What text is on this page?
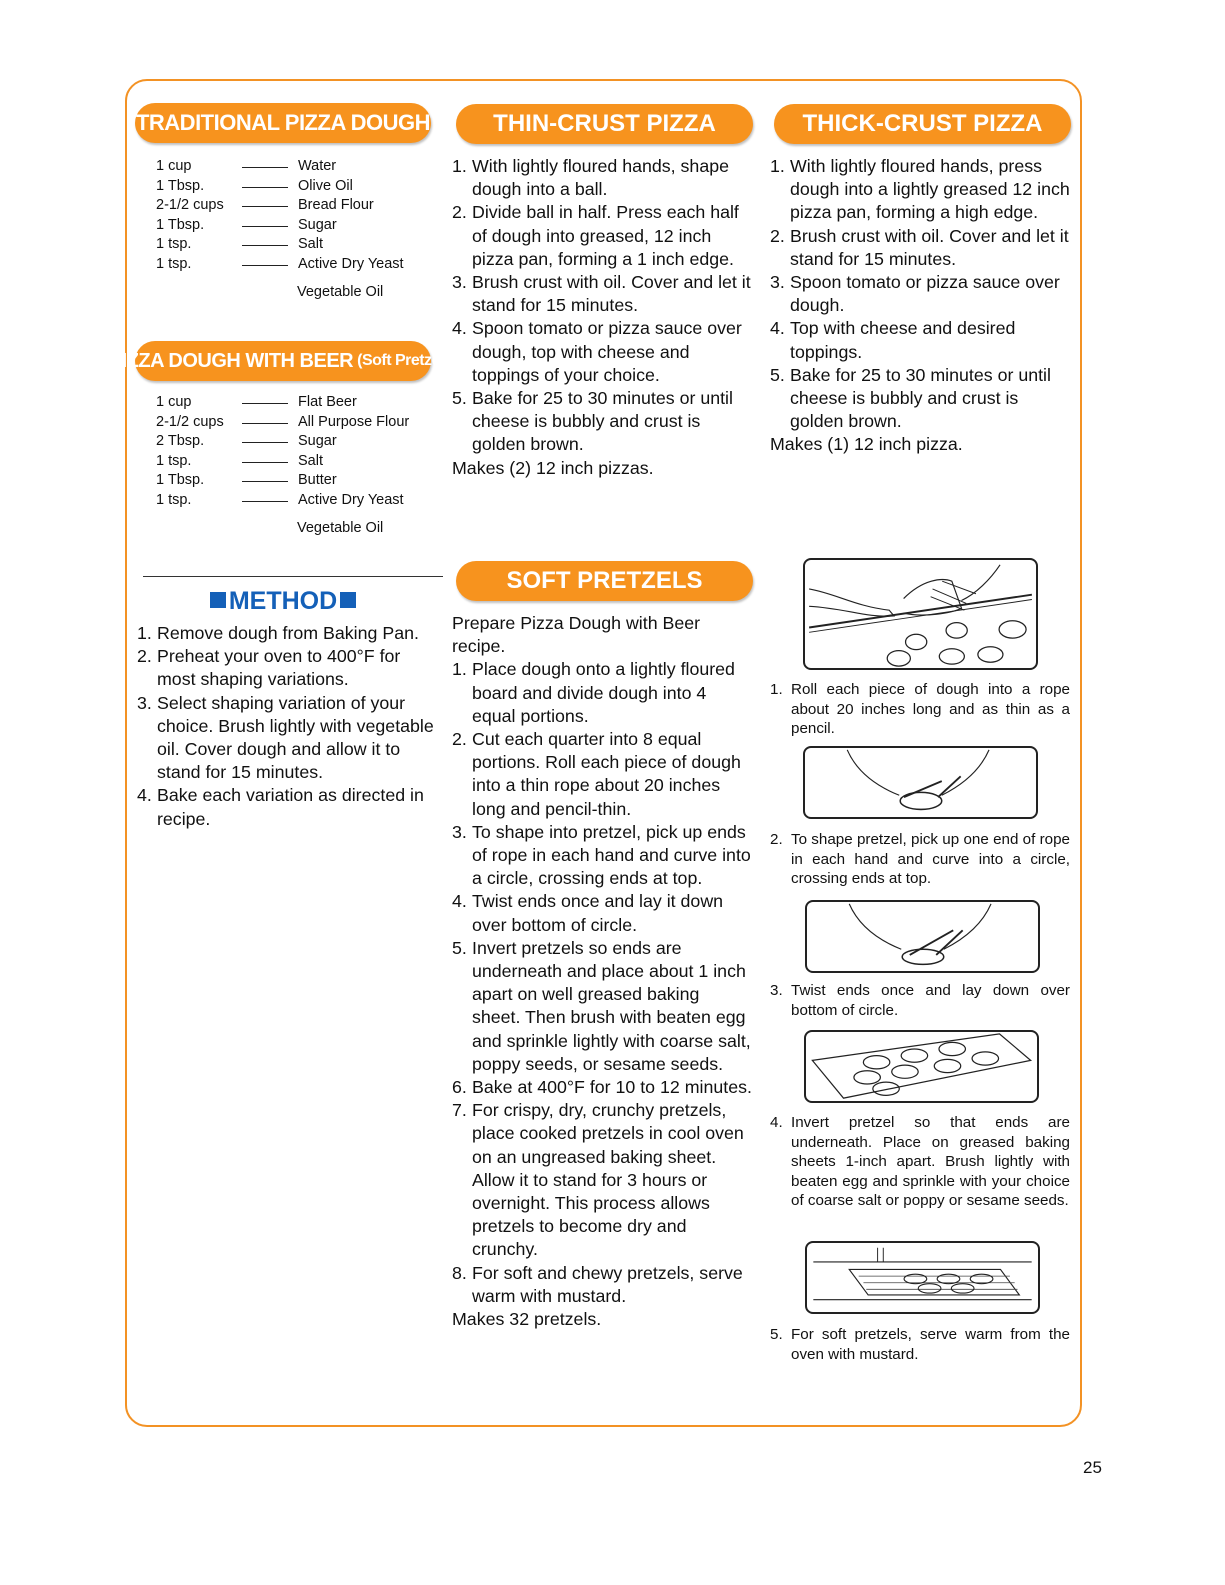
TRADITIONAL PIZZA DOUGH	THIN-CRUST PIZZA	THICK-CRUST PIZZA
PIZZA DOUGH WITH BEER (Soft Pretzels)
SOFT PRETZELS
1 cup	Water
1 Tbsp.	Olive Oil
2-1/2 cups	Bread Flour
1 Tbsp.	Sugar
1 tsp.	Salt
1 tsp.	Active Dry Yeast
Vegetable Oil
1 cup	Flat Beer
2-1/2 cups	All Purpose Flour
2 Tbsp.	Sugar
1 tsp.	Salt
1 Tbsp.	Butter
1 tsp.	Active Dry Yeast
Vegetable Oil
1. With lightly floured hands, shape dough into a ball.
2. Divide ball in half. Press each half of dough into greased, 12 inch pizza pan, forming a 1 inch edge.
3. Brush crust with oil. Cover and let it stand for 15 minutes.
4. Spoon tomato or pizza sauce over dough, top with cheese and toppings of your choice.
5. Bake for 25 to 30 minutes or until cheese is bubbly and crust is golden brown.
Makes (2) 12 inch pizzas.
1. With lightly floured hands, press dough into a lightly greased 12 inch pizza pan, forming a high edge.
2. Brush crust with oil. Cover and let it stand for 15 minutes.
3. Spoon tomato or pizza sauce over dough.
4. Top with cheese and desired toppings.
5. Bake for 25 to 30 minutes or until cheese is bubbly and crust is golden brown.
Makes (1) 12 inch pizza.
METHOD
1. Remove dough from Baking Pan.
2. Preheat your oven to 400°F for most shaping variations.
3. Select shaping variation of your choice. Brush lightly with vegetable oil. Cover dough and allow it to stand for 15 minutes.
4. Bake each variation as directed in recipe.
Prepare Pizza Dough with Beer recipe.
1. Place dough onto a lightly floured board and divide dough into 4 equal portions.
2. Cut each quarter into 8 equal portions. Roll each piece of dough into a thin rope about 20 inches long and pencil-thin.
3. To shape into pretzel, pick up ends of rope in each hand and curve into a circle, crossing ends at top.
4. Twist ends once and lay it down over bottom of circle.
5. Invert pretzels so ends are underneath and place about 1 inch apart on well greased baking sheet. Then brush with beaten egg and sprinkle lightly with coarse salt, poppy seeds, or sesame seeds.
6. Bake at 400°F for 10 to 12 minutes.
7. For crispy, dry, crunchy pretzels, place cooked pretzels in cool oven on an ungreased baking sheet. Allow it to stand for 3 hours or overnight. This process allows pretzels to become dry and crunchy.
8. For soft and chewy pretzels, serve warm with mustard.
Makes 32 pretzels.
1. Roll each piece of dough into a rope about 20 inches long and as thin as a pencil.
2. To shape pretzel, pick up one end of rope in each hand and curve into a circle, crossing ends at top.
3. Twist ends once and lay down over bottom of circle.
4. Invert pretzel so that ends are underneath. Place on greased baking sheets 1-inch apart. Brush lightly with beaten egg and sprinkle with your choice of coarse salt or poppy or sesame seeds.
5. For soft pretzels, serve warm from the oven with mustard.
25
